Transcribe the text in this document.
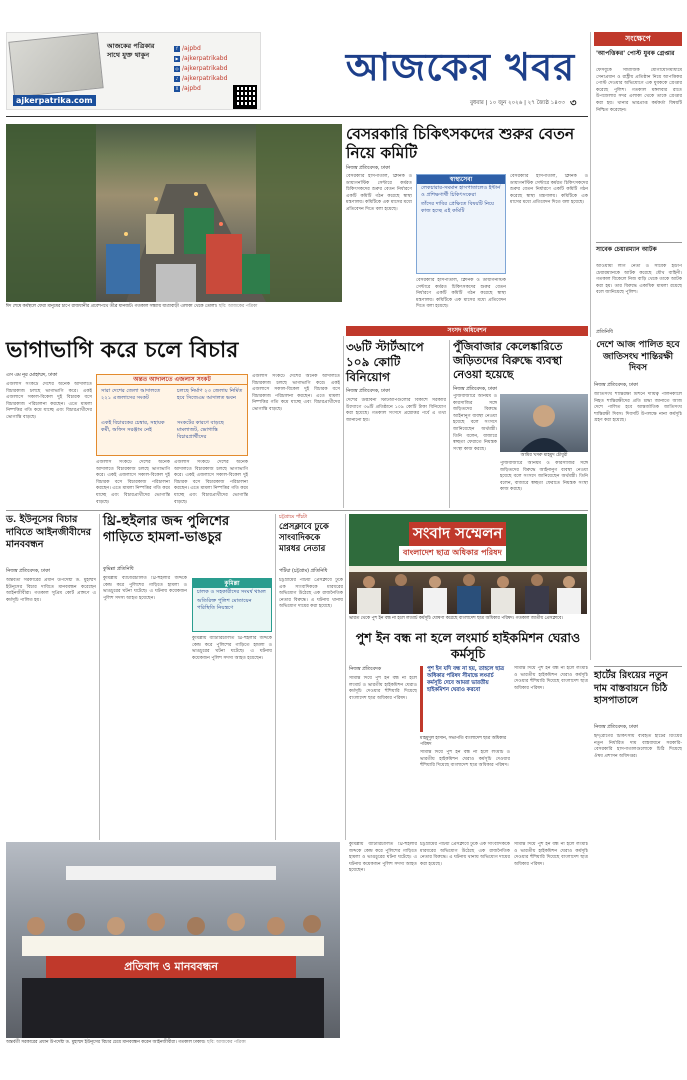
আজকের পত্রিকার
সাথে যুক্ত থাকুন
ajkerpatrika.com
f /ajpbd
▶ /ajkerpatrikabd
◎ /ajkerpatrikabd
♪ /ajkerpatrikabd
X /ajpbd	আজকের খবর
বুধবার | ১০ জুন ২০২৬ | ২৭ জ্যৈষ্ঠ ১৪৩৩ ৩
সংক্ষেপে
'আপত্তিকর' পোস্ট যুবক গ্রেপ্তার
ফেসবুকে সামাজিক যোগাযোগমাধ্যমে সেনাপ্রধান ও রাষ্ট্রীয় প্রতিষ্ঠান নিয়ে আপত্তিকর পোস্ট দেওয়ার অভিযোগে এক যুবককে গ্রেপ্তার করেছে পুলিশ। গতকাল মঙ্গলবার রাতে উপজেলার সদর এলাকা থেকে তাকে গ্রেপ্তার করা হয়। থানার ভারপ্রাপ্ত কর্মকর্তা বিষয়টি নিশ্চিত করেছেন।
সাবেক চেয়ারম্যান আটক
আওয়ামী লীগ নেতা ও সাবেক ইউপি চেয়ারম্যানকে আটক করেছে যৌথ বাহিনী। গতকাল বিকেলে নিজ বাড়ি থেকে তাকে আটক করা হয়। তার বিরুদ্ধে একাধিক মামলা রয়েছে বলে জানিয়েছে পুলিশ।
প্রতিনিধি
ঈদ শেষে কর্মস্থলে ফেরা মানুষের চাপে রাজধানীর প্রবেশপথে তীব্র যানজট। গতকাল সন্ধ্যায় যাত্রাবাড়ী এলাকা থেকে তোলা। ছবি: আজকের পত্রিকা
বেসরকারি চিকিৎসকদের শুরুর বেতন নিয়ে কমিটি
নিজস্ব প্রতিবেদক, ঢাকা
বেসরকারি হাসপাতাল, ক্লিনিক ও ডায়াগনস্টিক সেন্টারে কর্মরত চিকিৎসকদের শুরুর বেতন নির্ধারণে একটি কমিটি গঠন করেছে স্বাস্থ্য মন্ত্রণালয়। কমিটিকে এক মাসের মধ্যে প্রতিবেদন দিতে বলা হয়েছে।
স্বাস্থ্যসেবা
লেকচারার-সমমান হাসপাতালেও ইন্টার্ন ও প্রশিক্ষণার্থী চিকিৎসকেরা
তাঁদের দাবির প্রেক্ষিতে বিষয়টি নিয়ে কাজ হচ্ছে এই কমিটি
বেসরকারি হাসপাতাল, ক্লিনিক ও ডায়াগনস্টিক সেন্টারে কর্মরত চিকিৎসকদের শুরুর বেতন নির্ধারণে একটি কমিটি গঠন করেছে স্বাস্থ্য মন্ত্রণালয়। কমিটিকে এক মাসের মধ্যে প্রতিবেদন দিতে বলা হয়েছে।
বেসরকারি হাসপাতাল, ক্লিনিক ও ডায়াগনস্টিক সেন্টারে কর্মরত চিকিৎসকদের শুরুর বেতন নির্ধারণে একটি কমিটি গঠন করেছে স্বাস্থ্য মন্ত্রণালয়। কমিটিকে এক মাসের মধ্যে প্রতিবেদন দিতে বলা হয়েছে।
সংসদ অধিবেশন
ভাগাভাগি করে চলে বিচার
এস এম নূর মোহাম্মদ, ঢাকা
এজলাস সংকটে দেশের অনেক আদালতে বিচারকাজ চলছে ভাগাভাগি করে। একই এজলাসে সকাল-বিকেল দুই বিচারক বসে বিচারকাজ পরিচালনা করছেন। এতে মামলা নিষ্পত্তির গতি কমে যাচ্ছে এবং বিচারপ্রার্থীদের ভোগান্তি বাড়ছে।
অন্তত আদালতে এজলাস সংকট
সারা দেশের জেলা আদালতে ২২১ এজলাসের সংকট
চলছে নির্মাণ ২৩ জেলায় নির্মিত হবে সিজেএম আদালত ভবন
একই বিচারকের চেম্বার, সহায়ক কর্মী, অফিস সরঞ্জাম নেই
সংকটের কারণে বাড়ছে মামলাজট, ভোগান্তি বিচারপ্রার্থীদের
এজলাস সংকটে দেশের অনেক আদালতে বিচারকাজ চলছে ভাগাভাগি করে। একই এজলাসে সকাল-বিকেল দুই বিচারক বসে বিচারকাজ পরিচালনা করছেন। এতে মামলা নিষ্পত্তির গতি কমে যাচ্ছে এবং বিচারপ্রার্থীদের ভোগান্তি বাড়ছে।
এজলাস সংকটে দেশের অনেক আদালতে বিচারকাজ চলছে ভাগাভাগি করে। একই এজলাসে সকাল-বিকেল দুই বিচারক বসে বিচারকাজ পরিচালনা করছেন। এতে মামলা নিষ্পত্তির গতি কমে যাচ্ছে এবং বিচারপ্রার্থীদের ভোগান্তি বাড়ছে।
এজলাস সংকটে দেশের অনেক আদালতে বিচারকাজ চলছে ভাগাভাগি করে। একই এজলাসে সকাল-বিকেল দুই বিচারক বসে বিচারকাজ পরিচালনা করছেন। এতে মামলা নিষ্পত্তির গতি কমে যাচ্ছে এবং বিচারপ্রার্থীদের ভোগান্তি বাড়ছে।
৩৬টি স্টার্টআপে ১০৯ কোটি বিনিয়োগ
নিজস্ব প্রতিবেদক, ঢাকা
দেশের উদ্ভাবনী স্টার্টআপগুলোর বিকাশে সরকারি উদ্যোগে ৩৬টি প্রতিষ্ঠানে ১০৯ কোটি টাকা বিনিয়োগ করা হয়েছে। গতকাল সংসদে প্রশ্নোত্তর পর্বে এ তথ্য জানানো হয়।
পুঁজিবাজার কেলেঙ্কারিতে জড়িতদের বিরুদ্ধে ব্যবস্থা নেওয়া হয়েছে
নিজস্ব প্রতিবেদক, ঢাকা
আমির খসরু মাহমুদ চৌধুরী
পুঁজিবাজারে অনিয়ম ও কারসাজির সঙ্গে জড়িতদের বিরুদ্ধে আইনানুগ ব্যবস্থা নেওয়া হয়েছে বলে সংসদে জানিয়েছেন অর্থমন্ত্রী। তিনি বলেন, বাজারে স্বচ্ছতা ফেরাতে নিয়ন্ত্রক সংস্থা কাজ করছে।
পুঁজিবাজারে অনিয়ম ও কারসাজির সঙ্গে জড়িতদের বিরুদ্ধে আইনানুগ ব্যবস্থা নেওয়া হয়েছে বলে সংসদে জানিয়েছেন অর্থমন্ত্রী। তিনি বলেন, বাজারে স্বচ্ছতা ফেরাতে নিয়ন্ত্রক সংস্থা কাজ করছে।
দেশে আজ পালিত হবে জাতিসংঘ শান্তিরক্ষী দিবস
নিজস্ব প্রতিবেদক, ঢাকা
জাতিসংঘ শান্তিরক্ষা মিশনে দায়িত্ব পালনকালে নিহত শান্তিরক্ষীদের প্রতি শ্রদ্ধা জানাতে আজ দেশে পালিত হবে আন্তর্জাতিক জাতিসংঘ শান্তিরক্ষী দিবস। দিবসটি উপলক্ষে নানা কর্মসূচি গ্রহণ করা হয়েছে।
ড. ইউনূসের বিচার দাবিতে আইনজীবীদের মানববন্ধন
নিজস্ব প্রতিবেদক, ঢাকা
অন্তর্বর্তী সরকারের প্রধান উপদেষ্টা ড. মুহাম্মদ ইউনূসের বিচার দাবিতে মানববন্ধন করেছেন আইনজীবীরা। গতকাল সুপ্রিম কোর্ট প্রাঙ্গণে এ কর্মসূচি পালিত হয়।
থ্রি-হুইলার জব্দ পুলিশের গাড়িতে হামলা-ভাঙচুর
কুমিল্লা প্রতিনিধি
কুমিল্লায় ব্যাটারিচালিত থ্রি-হুইলার জব্দকে কেন্দ্র করে পুলিশের গাড়িতে হামলা ও ভাঙচুরের ঘটনা ঘটেছে। এ ঘটনায় কয়েকজন পুলিশ সদস্য আহত হয়েছেন।
কুমিল্লা
চালক ও সহকারীদের সংঘর্ষ থামল
অতিরিক্ত পুলিশ মোতায়েন পরিস্থিতি নিয়ন্ত্রণে
কুমিল্লায় ব্যাটারিচালিত থ্রি-হুইলার জব্দকে কেন্দ্র করে পুলিশের গাড়িতে হামলা ও ভাঙচুরের ঘটনা ঘটেছে। এ ঘটনায় কয়েকজন পুলিশ সদস্য আহত হয়েছেন।
চট্টগ্রামে পাঁচটা
প্রেসক্লাবে ঢুকে সাংবাদিককে মারধর নেতার
পটিয়া (চট্টগ্রাম) প্রতিনিধি
চট্টগ্রামের পটিয়া প্রেসক্লাবে ঢুকে এক সাংবাদিককে মারধরের অভিযোগ উঠেছে এক রাজনৈতিক নেতার বিরুদ্ধে। এ ঘটনায় থানায় অভিযোগ দায়ের করা হয়েছে।
সংবাদ সম্মেলন
বাংলাদেশ ছাত্র অধিকার পরিষদ
ভারত থেকে পুশ ইন বন্ধ না হলে লংমার্চ কর্মসূচি ঘোষণা করেছে বাংলাদেশ ছাত্র অধিকার পরিষদ। গতকাল জাতীয় প্রেসক্লাবে।
পুশ ইন বন্ধ না হলে লংমার্চ হাইকমিশন ঘেরাও কর্মসূচি
পুশ ইন যদি বন্ধ না হয়, তাহলে ছাত্র অধিকার পরিষদ সীমান্তে লংমার্চ কর্মসূচি দেবে আমরা ভারতীয় হাইকমিশন ঘেরাও করবো
মাহমুদুল হাসান, সভাপতি বাংলাদেশ ছাত্র অধিকার পরিষদ
নিজস্ব প্রতিবেদক
সীমান্ত দিয়ে পুশ ইন বন্ধ না হলে লংমার্চ ও ভারতীয় হাইকমিশন ঘেরাও কর্মসূচি দেওয়ার হুঁশিয়ারি দিয়েছে বাংলাদেশ ছাত্র অধিকার পরিষদ।
সীমান্ত দিয়ে পুশ ইন বন্ধ না হলে লংমার্চ ও ভারতীয় হাইকমিশন ঘেরাও কর্মসূচি দেওয়ার হুঁশিয়ারি দিয়েছে বাংলাদেশ ছাত্র অধিকার পরিষদ।
সীমান্ত দিয়ে পুশ ইন বন্ধ না হলে লংমার্চ ও ভারতীয় হাইকমিশন ঘেরাও কর্মসূচি দেওয়ার হুঁশিয়ারি দিয়েছে বাংলাদেশ ছাত্র অধিকার পরিষদ।
হার্টের রিংয়ের নতুন দাম বাস্তবায়নে চিঠি হাসপাতালে
নিজস্ব প্রতিবেদক, ঢাকা
হৃদ্‌রোগের চিকিৎসায় ব্যবহৃত হার্টের রিংয়ের নতুন নির্ধারিত দাম বাস্তবায়নে সরকারি-বেসরকারি হাসপাতালগুলোকে চিঠি দিয়েছে ঔষধ প্রশাসন অধিদপ্তর।
প্রতিবাদ ও মানববন্ধন
অন্তর্বর্তী সরকারের প্রধান উপদেষ্টা ড. মুহাম্মদ ইউনূসের বিচার চেয়ে মানববন্ধন করেন আইনজীবীরা। গতকাল ঢাকায়। ছবি: আজকের পত্রিকা
কুমিল্লায় ব্যাটারিচালিত থ্রি-হুইলার জব্দকে কেন্দ্র করে পুলিশের গাড়িতে হামলা ও ভাঙচুরের ঘটনা ঘটেছে। এ ঘটনায় কয়েকজন পুলিশ সদস্য আহত হয়েছেন।
চট্টগ্রামের পটিয়া প্রেসক্লাবে ঢুকে এক সাংবাদিককে মারধরের অভিযোগ উঠেছে এক রাজনৈতিক নেতার বিরুদ্ধে। এ ঘটনায় থানায় অভিযোগ দায়ের করা হয়েছে।
সীমান্ত দিয়ে পুশ ইন বন্ধ না হলে লংমার্চ ও ভারতীয় হাইকমিশন ঘেরাও কর্মসূচি দেওয়ার হুঁশিয়ারি দিয়েছে বাংলাদেশ ছাত্র অধিকার পরিষদ।
